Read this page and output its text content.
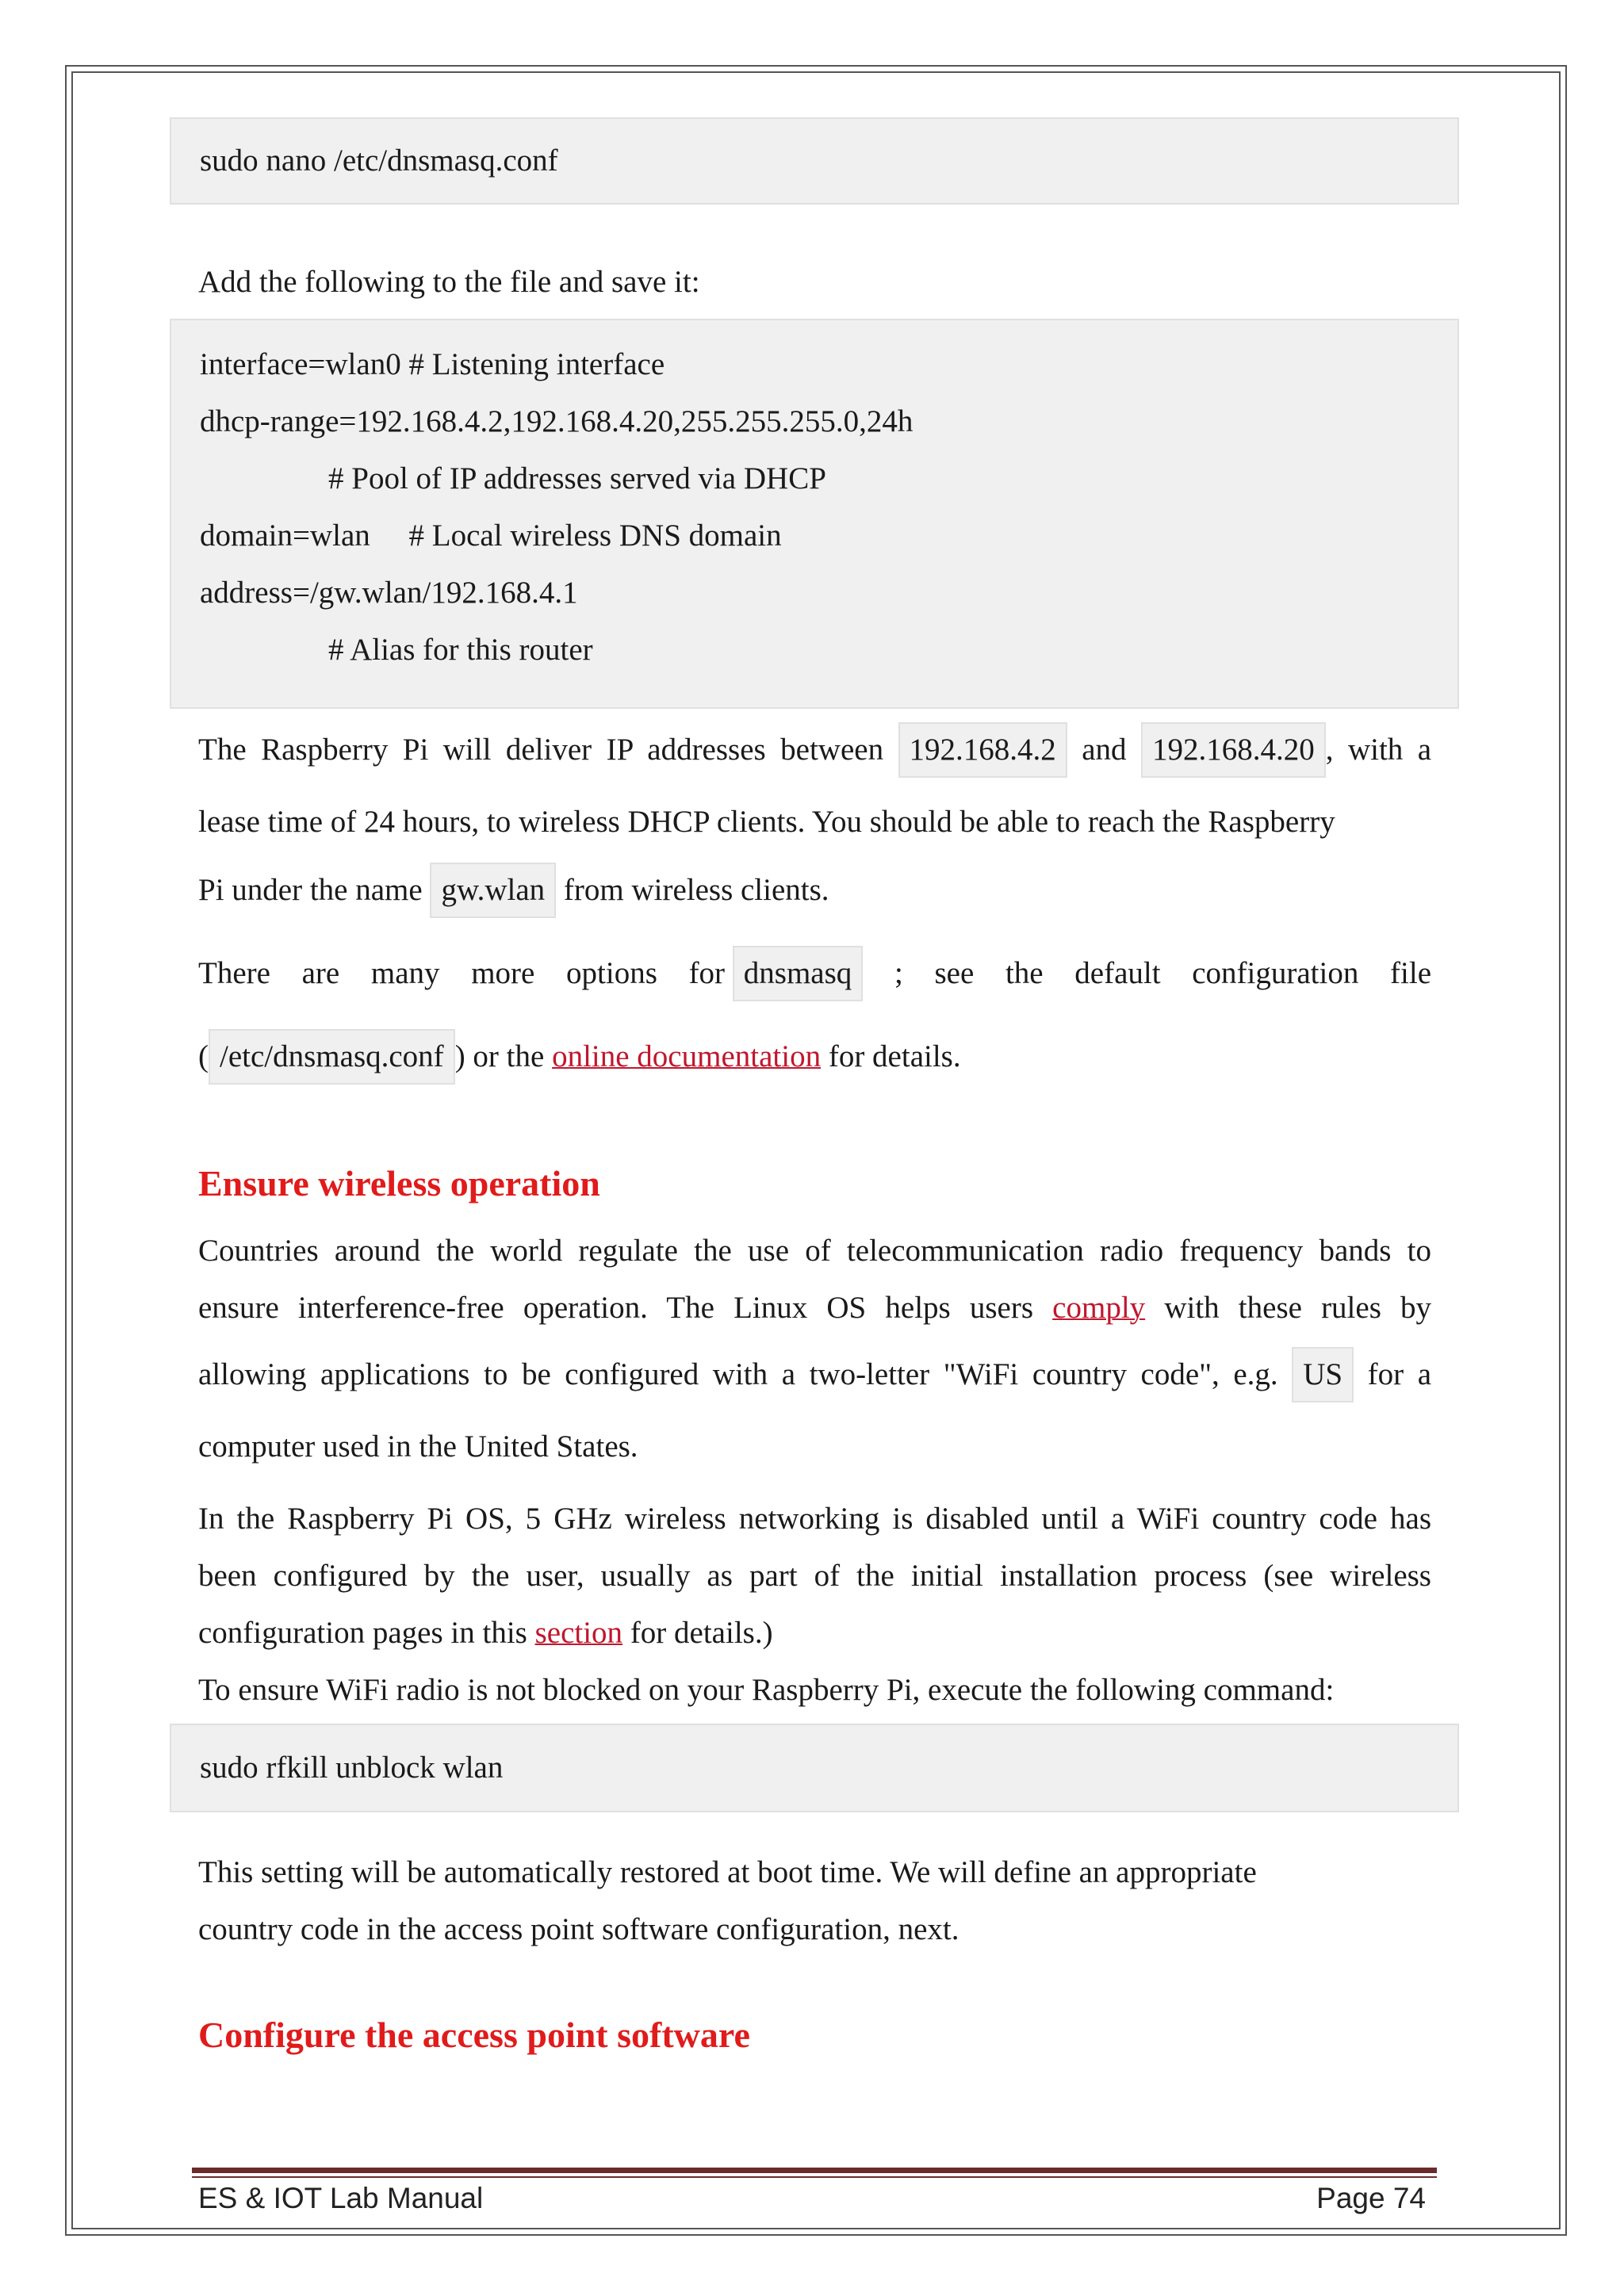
sudo nano /etc/dnsmasq.conf
Add the following to the file and save it:
interface=wlan0 # Listening interface
dhcp-range=192.168.4.2,192.168.4.20,255.255.255.0,24h
# Pool of IP addresses served via DHCP
domain=wlan     # Local wireless DNS domain
address=/gw.wlan/192.168.4.1
# Alias for this router
The Raspberry Pi will deliver IP addresses between 192.168.4.2 and 192.168.4.20 , with a
lease time of 24 hours, to wireless DHCP clients. You should be able to reach the Raspberry
Pi under the name gw.wlan from wireless clients.
There are many more options for dnsmasq	; see the default configuration file
( /etc/dnsmasq.conf ) or the online documentation for details.
Ensure wireless operation
Countries around the world regulate the use of telecommunication radio frequency bands to
ensure interference-free operation. The Linux OS helps users comply with these rules by
allowing applications to be configured with a two-letter "WiFi country code", e.g. US for a
computer used in the United States.
In the Raspberry Pi OS, 5 GHz wireless networking is disabled until a WiFi country code has
been configured by the user, usually as part of the initial installation process (see wireless
configuration pages in this section for details.)
To ensure WiFi radio is not blocked on your Raspberry Pi, execute the following command:
sudo rfkill unblock wlan
This setting will be automatically restored at boot time. We will define an appropriate
country code in the access point software configuration, next.
Configure the access point software
ES & IOT Lab Manual	Page 74
